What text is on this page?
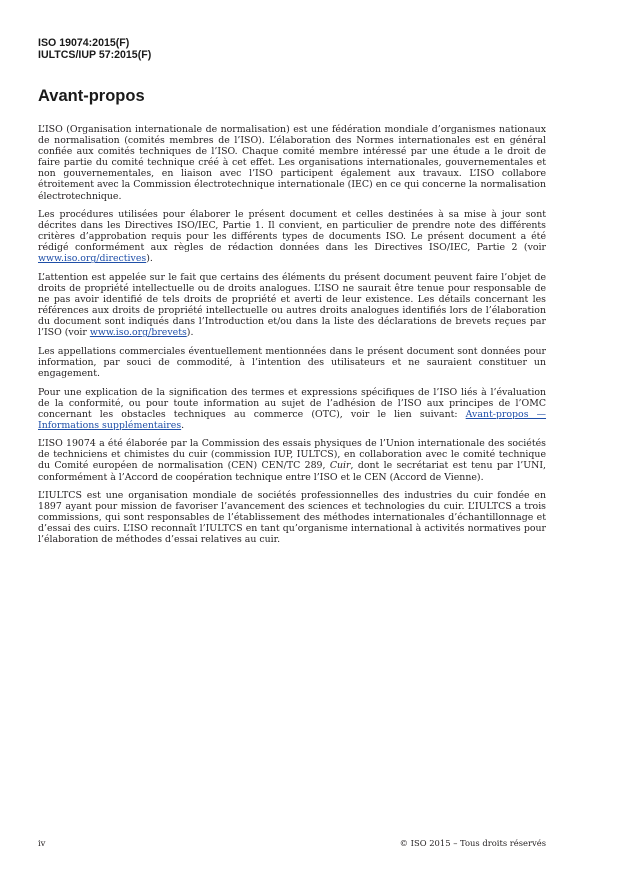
ISO 19074:2015(F)
IULTCS/IUP 57:2015(F)
Avant-propos

L’ISO (Organisation internationale de normalisation) est une fédération mondiale d’organismes nationaux de normalisation (comités membres de l’ISO). L’élaboration des Normes internationales est en général confiée aux comités techniques de l’ISO. Chaque comité membre intéressé par une étude a le droit de faire partie du comité technique créé à cet effet. Les organisations internationales, gouvernementales et non gouvernementales, en liaison avec l’ISO participent également aux travaux. L’ISO collabore étroitement avec la Commission électrotechnique internationale (IEC) en ce qui concerne la normalisation électrotechnique.

Les procédures utilisées pour élaborer le présent document et celles destinées à sa mise à jour sont décrites dans les Directives ISO/IEC, Partie 1. Il convient, en particulier de prendre note des différents critères d’approbation requis pour les différents types de documents ISO. Le présent document a été rédigé conformément aux règles de rédaction données dans les Directives ISO/IEC, Partie 2 (voir www.iso.org/directives).

L’attention est appelée sur le fait que certains des éléments du présent document peuvent faire l’objet de droits de propriété intellectuelle ou de droits analogues. L’ISO ne saurait être tenue pour responsable de ne pas avoir identifié de tels droits de propriété et averti de leur existence. Les détails concernant les références aux droits de propriété intellectuelle ou autres droits analogues identifiés lors de l’élaboration du document sont indiqués dans l’Introduction et/ou dans la liste des déclarations de brevets reçues par l’ISO (voir www.iso.org/brevets).

Les appellations commerciales éventuellement mentionnées dans le présent document sont données pour information, par souci de commodité, à l’intention des utilisateurs et ne sauraient constituer un engagement.

Pour une explication de la signification des termes et expressions spécifiques de l’ISO liés à l’évaluation de la conformité, ou pour toute information au sujet de l’adhésion de l’ISO aux principes de l’OMC concernant les obstacles techniques au commerce (OTC), voir le lien suivant: Avant-propos — Informations supplémentaires.

L’ISO 19074 a été élaborée par la Commission des essais physiques de l’Union internationale des sociétés de techniciens et chimistes du cuir (commission IUP, IULTCS), en collaboration avec le comité technique du Comité européen de normalisation (CEN) CEN/TC 289, Cuir, dont le secrétariat est tenu par l’UNI, conformément à l’Accord de coopération technique entre l’ISO et le CEN (Accord de Vienne).

L’IULTCS est une organisation mondiale de sociétés professionnelles des industries du cuir fondée en 1897 ayant pour mission de favoriser l’avancement des sciences et technologies du cuir. L’IULTCS a trois commissions, qui sont responsables de l’établissement des méthodes internationales d’échantillonnage et d’essai des cuirs. L’ISO reconnaît l’IULTCS en tant qu’organisme international à activités normatives pour l’élaboration de méthodes d’essai relatives au cuir.

iv	© ISO 2015 – Tous droits réservés
